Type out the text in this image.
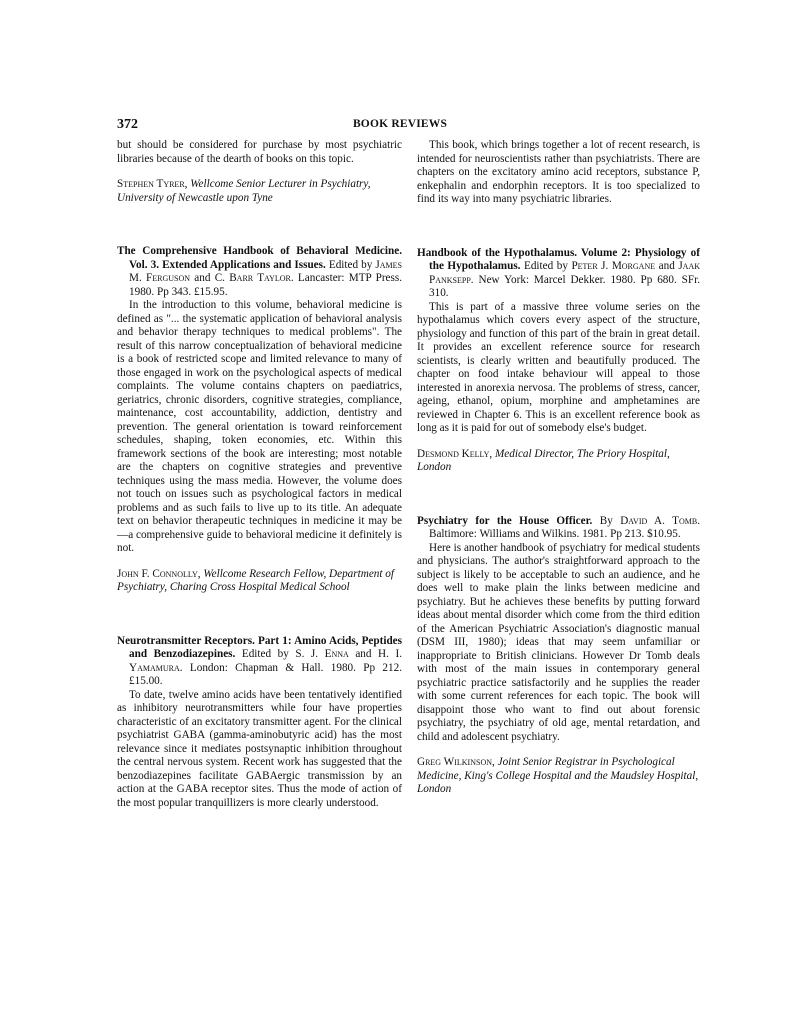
372	BOOK REVIEWS

but should be considered for purchase by most psychiatric libraries because of the dearth of books on this topic.

Stephen Tyrer, Wellcome Senior Lecturer in Psychiatry, University of Newcastle upon Tyne

The Comprehensive Handbook of Behavioral Medicine. Vol. 3. Extended Applications and Issues. Edited by James M. Ferguson and C. Barr Taylor. Lancaster: MTP Press. 1980. Pp 343. £15.95.

In the introduction to this volume, behavioral medicine is defined as "... the systematic application of behavioral analysis and behavior therapy techniques to medical problems". The result of this narrow conceptualization of behavioral medicine is a book of restricted scope and limited relevance to many of those engaged in work on the psychological aspects of medical complaints. The volume contains chapters on paediatrics, geriatrics, chronic disorders, cognitive strategies, compliance, maintenance, cost accountability, addiction, dentistry and prevention. The general orientation is toward reinforcement schedules, shaping, token economies, etc. Within this framework sections of the book are interesting; most notable are the chapters on cognitive strategies and preventive techniques using the mass media. However, the volume does not touch on issues such as psychological factors in medical problems and as such fails to live up to its title. An adequate text on behavior therapeutic techniques in medicine it may be—a comprehensive guide to behavioral medicine it definitely is not.

John F. Connolly, Wellcome Research Fellow, Department of Psychiatry, Charing Cross Hospital Medical School

Neurotransmitter Receptors. Part 1: Amino Acids, Peptides and Benzodiazepines. Edited by S. J. Enna and H. I. Yamamura. London: Chapman & Hall. 1980. Pp 212. £15.00.

To date, twelve amino acids have been tentatively identified as inhibitory neurotransmitters while four have properties characteristic of an excitatory transmitter agent. For the clinical psychiatrist GABA (gamma-aminobutyric acid) has the most relevance since it mediates postsynaptic inhibition throughout the central nervous system. Recent work has suggested that the benzodiazepines facilitate GABAergic transmission by an action at the GABA receptor sites. Thus the mode of action of the most popular tranquillizers is more clearly understood.

This book, which brings together a lot of recent research, is intended for neuroscientists rather than psychiatrists. There are chapters on the excitatory amino acid receptors, substance P, enkephalin and endorphin receptors. It is too specialized to find its way into many psychiatric libraries.

Handbook of the Hypothalamus. Volume 2: Physiology of the Hypothalamus. Edited by Peter J. Morgane and Jaak Panksepp. New York: Marcel Dekker. 1980. Pp 680. SFr. 310.

This is part of a massive three volume series on the hypothalamus which covers every aspect of the structure, physiology and function of this part of the brain in great detail. It provides an excellent reference source for research scientists, is clearly written and beautifully produced. The chapter on food intake behaviour will appeal to those interested in anorexia nervosa. The problems of stress, cancer, ageing, ethanol, opium, morphine and amphetamines are reviewed in Chapter 6. This is an excellent reference book as long as it is paid for out of somebody else's budget.

Desmond Kelly, Medical Director, The Priory Hospital, London

Psychiatry for the House Officer. By David A. Tomb. Baltimore: Williams and Wilkins. 1981. Pp 213. $10.95.

Here is another handbook of psychiatry for medical students and physicians. The author's straightforward approach to the subject is likely to be acceptable to such an audience, and he does well to make plain the links between medicine and psychiatry. But he achieves these benefits by putting forward ideas about mental disorder which come from the third edition of the American Psychiatric Association's diagnostic manual (DSM III, 1980); ideas that may seem unfamiliar or inappropriate to British clinicians. However Dr Tomb deals with most of the main issues in contemporary general psychiatric practice satisfactorily and he supplies the reader with some current references for each topic. The book will disappoint those who want to find out about forensic psychiatry, the psychiatry of old age, mental retardation, and child and adolescent psychiatry.

Greg Wilkinson, Joint Senior Registrar in Psychological Medicine, King's College Hospital and the Maudsley Hospital, London
